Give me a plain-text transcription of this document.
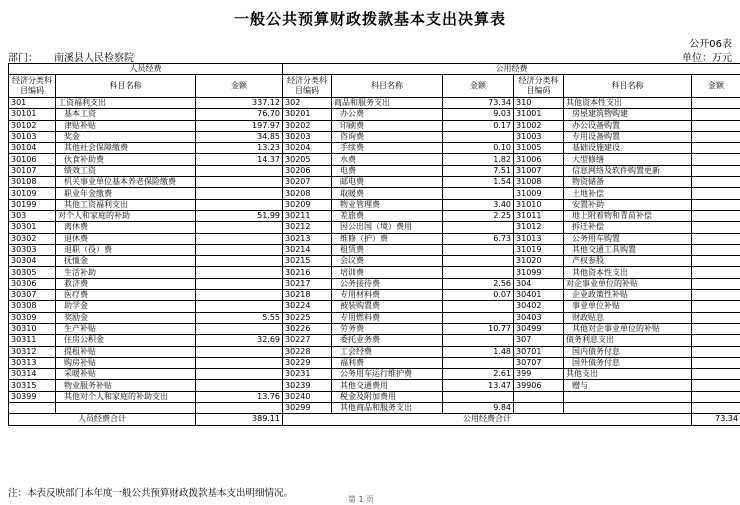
一般公共预算财政拨款基本支出决算表
公开06表
部门： 南溪县人民检察院	单位：万元
人员经费			公用经费					
经济分类科目编码	科目名称	金额	经济分类科目编码	科目名称	金额	经济分类科目编码	科目名称	金额
301	工资福利支出	337.12	302	商品和服务支出	73.34	310	其他资本性支出	
30101	基本工资	76.70	30201	办公费	9.03	31001	房屋建筑物购建	
30102	津贴补贴	197.97	30202	印刷费	0.17	31002	办公设备购置	
30103	奖金	34.85	30203	咨询费		31003	专用设备购置	
30104	其他社会保障缴费	13.23	30204	手续费	0.10	31005	基础设施建设	
30106	伙食补助费	14.37	30205	水费	1.82	31006	大型修缮	
30107	绩效工资		30206	电费	7.51	31007	信息网络及软件购置更新	
30108	机关事业单位基本养老保险缴费		30207	邮电费	1.54	31008	物资储备	
30109	职业年金缴费		30208	取暖费		31009	土地补偿	
30199	其他工资福利支出		30209	物业管理费	3.40	31010	安置补助	
303	对个人和家庭的补助	51.99	30211	差旅费	2.25	31011	地上附着物和青苗补偿	
30301	离休费		30212	因公出国（境）费用		31012	拆迁补偿	
30302	退休费		30213	维修（护）费	6.73	31013	公务用车购置	
30303	退职（役）费		30214	租赁费		31019	其他交通工具购置	
30304	抚恤金		30215	会议费		31020	产权参股	
30305	生活补助		30216	培训费		31099	其他资本性支出	
30306	救济费		30217	公务接待费	2.56	304	对企事业单位的补贴	
30307	医疗费		30218	专用材料费	0.07	30401	企业政策性补贴	
30308	助学金		30224	被装购置费		30402	事业单位补贴	
30309	奖励金	5.55	30225	专用燃料费		30403	财政贴息	
30310	生产补贴		30226	劳务费	10.77	30499	其他对企事业单位的补贴	
30311	住房公积金	32.69	30227	委托业务费		307	债务利息支出	
30312	提租补贴		30228	工会经费	1.48	30701	国内债务付息	
30313	购房补贴		30229	福利费		30707	国外债务付息	
30314	采暖补贴		30231	公务用车运行维护费	2.61	399	其他支出	
30315	物业服务补贴		30239	其他交通费用	13.47	39906	赠与	
30399	其他对个人和家庭的补助支出	13.76	30240	税金及附加费用				
			30299	其他商品和服务支出	9.84			
人员经费合计		389.11	公用经费合计					73.34
注：本表反映部门本年度一般公共预算财政拨款基本支出明细情况。
第 1 页
